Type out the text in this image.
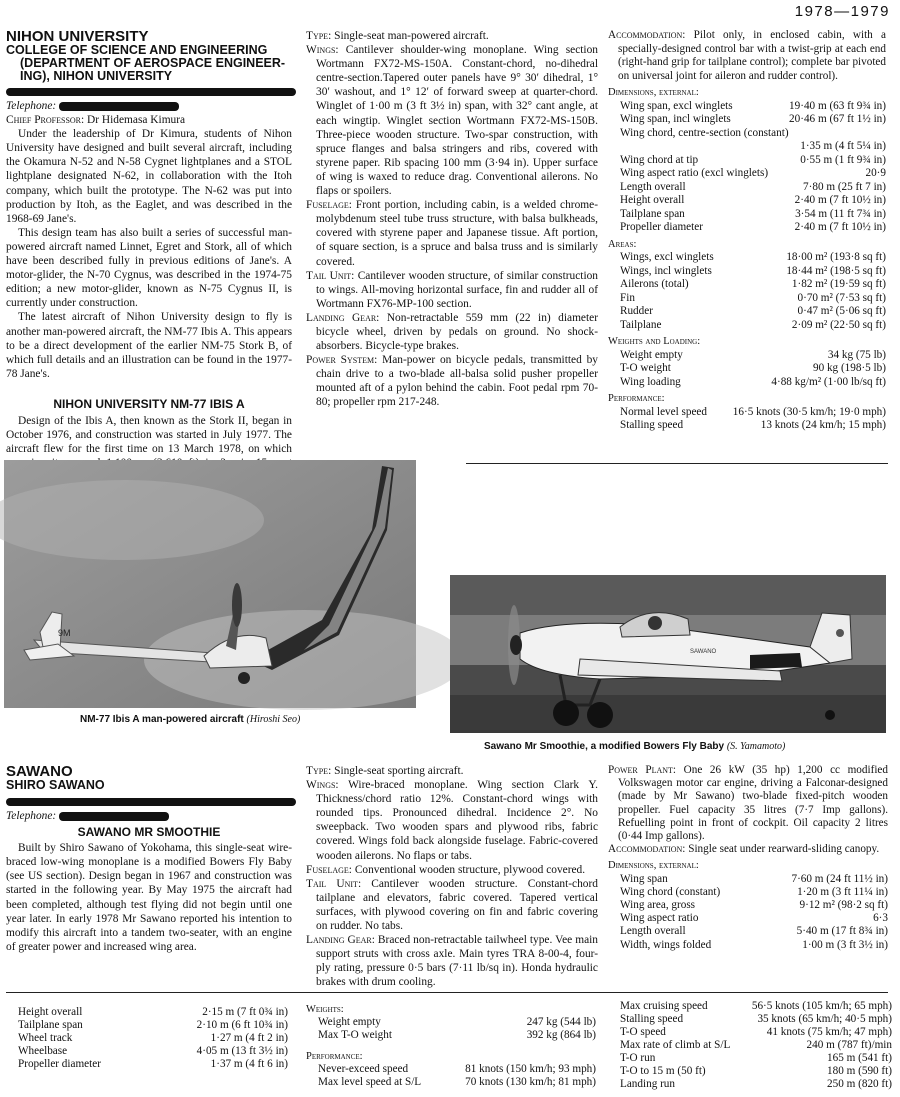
1978—1979
NIHON UNIVERSITY
COLLEGE OF SCIENCE AND ENGINEERING
(DEPARTMENT OF AEROSPACE ENGINEER-
ING), NIHON UNIVERSITY
Telephone:
Chief Professor: Dr Hidemasa Kimura

Under the leadership of Dr Kimura, students of Nihon University have designed and built several aircraft, including the Okamura N-52 and N-58 Cygnet lightplanes and a STOL lightplane designated N-62, in collaboration with the Itoh company, which built the prototype. The N-62 was put into production by Itoh, as the Eaglet, and was described in the 1968-69 Jane's.

This design team has also built a series of successful man-powered aircraft named Linnet, Egret and Stork, all of which have been described fully in previous editions of Jane's. A motor-glider, the N-70 Cygnus, was described in the 1974-75 edition; a new motor-glider, known as N-75 Cygnus II, is currently under construction.

The latest aircraft of Nihon University design to fly is another man-powered aircraft, the NM-77 Ibis A. This appears to be a direct development of the earlier NM-75 Stork B, of which full details and an illustration can be found in the 1977-78 Jane's.

NIHON UNIVERSITY NM-77 IBIS A

Design of the Ibis A, then known as the Stork II, began in October 1976, and construction was started in July 1977. The aircraft flew for the first time on 13 March 1978, on which

Type: Single-seat man-powered aircraft.

Wings: Cantilever shoulder-wing monoplane. Wing section Wortmann FX72-MS-150A. Constant-chord, no-dihedral centre-section.Tapered outer panels have 9° 30′ dihedral, 1° 30′ washout, and 1° 12′ of forward sweep at quarter-chord. Winglet of 1·00 m (3 ft 3½ in) span, with 32° cant angle, at each wingtip. Winglet section Wortmann FX72-MS-150B. Three-piece wooden structure. Two-spar construction, with spruce flanges and balsa stringers and ribs, covered with styrene paper. Rib spacing 100 mm (3·94 in). Upper surface of wing is waxed to reduce drag. Conventional ailerons. No flaps or spoilers.

Fuselage: Front portion, including cabin, is a welded chrome-molybdenum steel tube truss structure, with balsa bulkheads, covered with styrene paper and Japanese tissue. Aft portion, of square section, is a spruce and balsa truss and is similarly covered.

Tail Unit: Cantilever wooden structure, of similar construction to wings. All-moving horizontal surface, fin and rudder all of Wortmann FX76-MP-100 section.

Landing Gear: Non-retractable 559 mm (22 in) diameter bicycle wheel, driven by pedals on ground. No shock-absorbers. Bicycle-type brakes.

Power System: Man-power on bicycle pedals, transmitted by chain drive to a two-blade all-balsa solid pusher propeller mounted aft of a pylon behind the cabin. Foot pedal rpm 70-80; propeller rpm 217-248.

Accommodation: Pilot only, in enclosed cabin, with a specially-designed control bar with a twist-grip at each end (right-hand grip for tailplane control); complete bar pivoted on universal joint for aileron and rudder control).

Dimensions, external:
Wing span, excl winglets	19·40 m (63 ft 9¾ in)
Wing span, incl winglets	20·46 m (67 ft 1½ in)
Wing chord, centre-section (constant)
1·35 m (4 ft 5¼ in)
Wing chord at tip	0·55 m (1 ft 9¾ in)
Wing aspect ratio (excl winglets)	20·9
Length overall	7·80 m (25 ft 7 in)
Height overall	2·40 m (7 ft 10½ in)
Tailplane span	3·54 m (11 ft 7¾ in)
Propeller diameter	2·40 m (7 ft 10½ in)
Areas:
Wings, excl winglets	18·00 m² (193·8 sq ft)
Wings, incl winglets	18·44 m² (198·5 sq ft)
Ailerons (total)	1·82 m² (19·59 sq ft)
Fin	0·70 m² (7·53 sq ft)
Rudder	0·47 m² (5·06 sq ft)
Tailplane	2·09 m² (22·50 sq ft)
Weights and Loading:
Weight empty	34 kg (75 lb)
T-O weight	90 kg (198·5 lb)
Wing loading	4·88 kg/m² (1·00 lb/sq ft)
Performance:
Normal level speed 16·5 knots (30·5 km/h; 19·0 mph)
Stalling speed	13 knots (24 km/h; 15 mph)
9M
NM-77 Ibis A man-powered aircraft (Hiroshi Seo)
SAWANO
Sawano Mr Smoothie, a modified Bowers Fly Baby (S. Yamamoto)
SAWANO
SHIRO SAWANO
Telephone:
SAWANO MR SMOOTHIE

Built by Shiro Sawano of Yokohama, this single-seat wire-braced low-wing monoplane is a modified Bowers Fly Baby (see US section). Design began in 1967 and construction was started in the following year. By May 1975 the aircraft had been completed, although test flying did not begin until one year later. In early 1978 Mr Sawano reported his intention to modify this aircraft into a tandem two-seater, with an engine of greater power and increased wing area.

Type: Single-seat sporting aircraft.

Wings: Wire-braced monoplane. Wing section Clark Y. Thickness/chord ratio 12%. Constant-chord wings with rounded tips. Pronounced dihedral. Incidence 2°. No sweepback. Two wooden spars and plywood ribs, fabric covered. Wings fold back alongside fuselage. Fabric-covered wooden ailerons. No flaps or tabs.

Fuselage: Conventional wooden structure, plywood covered.

Tail Unit: Cantilever wooden structure. Constant-chord tailplane and elevators, fabric covered. Tapered vertical surfaces, with plywood covering on fin and fabric covering on rudder. No tabs.

Landing Gear: Braced non-retractable tailwheel type. Vee main support struts with cross axle. Main tyres TRA 8-00-4, four-ply rating, pressure 0·5 bars (7·11 lb/sq in). Honda hydraulic brakes with drum cooling.

Power Plant: One 26 kW (35 hp) 1,200 cc modified Volkswagen motor car engine, driving a Falconar-designed (made by Mr Sawano) two-blade fixed-pitch wooden propeller. Fuel capacity 35 litres (7·7 Imp gallons). Refuelling point in front of cockpit. Oil capacity 2 litres (0·44 Imp gallons).

Accommodation: Single seat under rearward-sliding canopy.

Dimensions, external:
Wing span	7·60 m (24 ft 11½ in)
Wing chord (constant)	1·20 m (3 ft 11¼ in)
Wing area, gross	9·12 m² (98·2 sq ft)
Wing aspect ratio	6·3
Length overall	5·40 m (17 ft 8¾ in)
Width, wings folded	1·00 m (3 ft 3½ in)
Height overall	2·15 m (7 ft 0¾ in)
Tailplane span	2·10 m (6 ft 10¾ in)
Wheel track	1·27 m (4 ft 2 in)
Wheelbase	4·05 m (13 ft 3½ in)
Propeller diameter	1·37 m (4 ft 6 in)
Weights:
Weight empty	247 kg (544 lb)
Max T-O weight	392 kg (864 lb)
Performance:
Never-exceed speed	81 knots (150 km/h; 93 mph)
Max level speed at S/L	70 knots (130 km/h; 81 mph)
Max cruising speed	56·5 knots (105 km/h; 65 mph)
Stalling speed	35 knots (65 km/h; 40·5 mph)
T-O speed	41 knots (75 km/h; 47 mph)
Max rate of climb at S/L	240 m (787 ft)/min
T-O run	165 m (541 ft)
T-O to 15 m (50 ft)	180 m (590 ft)
Landing run	250 m (820 ft)
